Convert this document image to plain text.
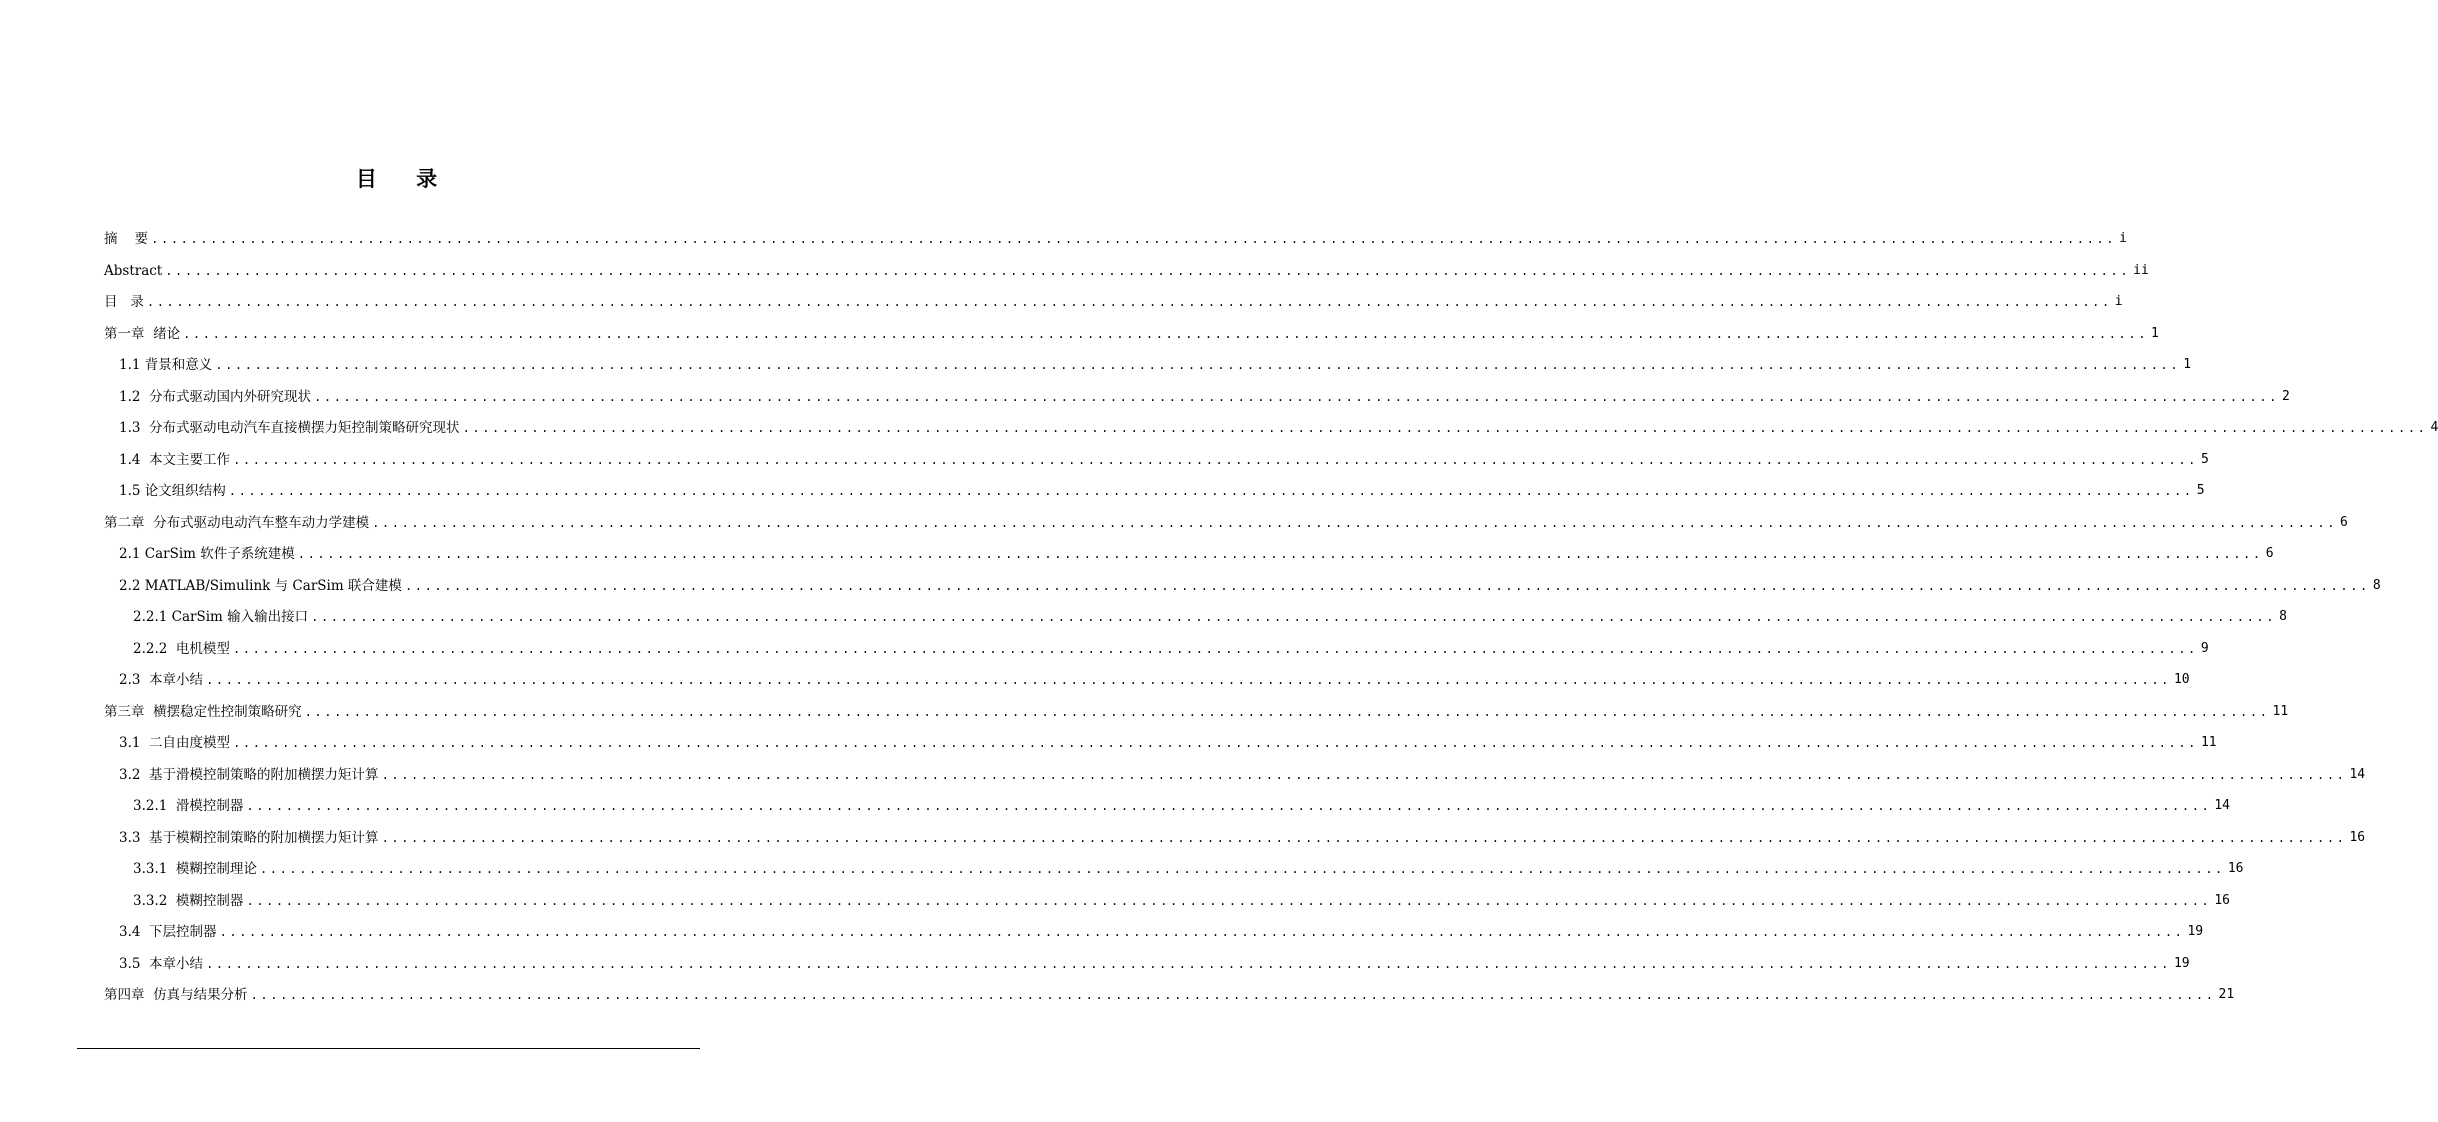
目 录
摘    要 ........................................................................................................................................................................................................ i
Abstract ........................................................................................................................................................................................................ ii
目   录 ........................................................................................................................................................................................................ i
第一章  绪论 ........................................................................................................................................................................................................ 1
1.1 背景和意义 ........................................................................................................................................................................................................ 1
1.2  分布式驱动国内外研究现状 ........................................................................................................................................................................................................ 2
1.3  分布式驱动电动汽车直接横摆力矩控制策略研究现状 ........................................................................................................................................................................................................ 4
1.4  本文主要工作 ........................................................................................................................................................................................................ 5
1.5 论文组织结构 ........................................................................................................................................................................................................ 5
第二章  分布式驱动电动汽车整车动力学建模 ........................................................................................................................................................................................................ 6
2.1 CarSim 软件子系统建模 ........................................................................................................................................................................................................ 6
2.2 MATLAB/Simulink 与 CarSim 联合建模 ........................................................................................................................................................................................................ 8
2.2.1 CarSim 输入输出接口 ........................................................................................................................................................................................................ 8
2.2.2  电机模型 ........................................................................................................................................................................................................ 9
2.3  本章小结 ........................................................................................................................................................................................................ 10
第三章  横摆稳定性控制策略研究 ........................................................................................................................................................................................................ 11
3.1  二自由度模型 ........................................................................................................................................................................................................ 11
3.2  基于滑模控制策略的附加横摆力矩计算 ........................................................................................................................................................................................................ 14
3.2.1  滑模控制器 ........................................................................................................................................................................................................ 14
3.3  基于模糊控制策略的附加横摆力矩计算 ........................................................................................................................................................................................................ 16
3.3.1  模糊控制理论 ........................................................................................................................................................................................................ 16
3.3.2  模糊控制器 ........................................................................................................................................................................................................ 16
3.4  下层控制器 ........................................................................................................................................................................................................ 19
3.5  本章小结 ........................................................................................................................................................................................................ 19
第四章  仿真与结果分析 ........................................................................................................................................................................................................ 21
